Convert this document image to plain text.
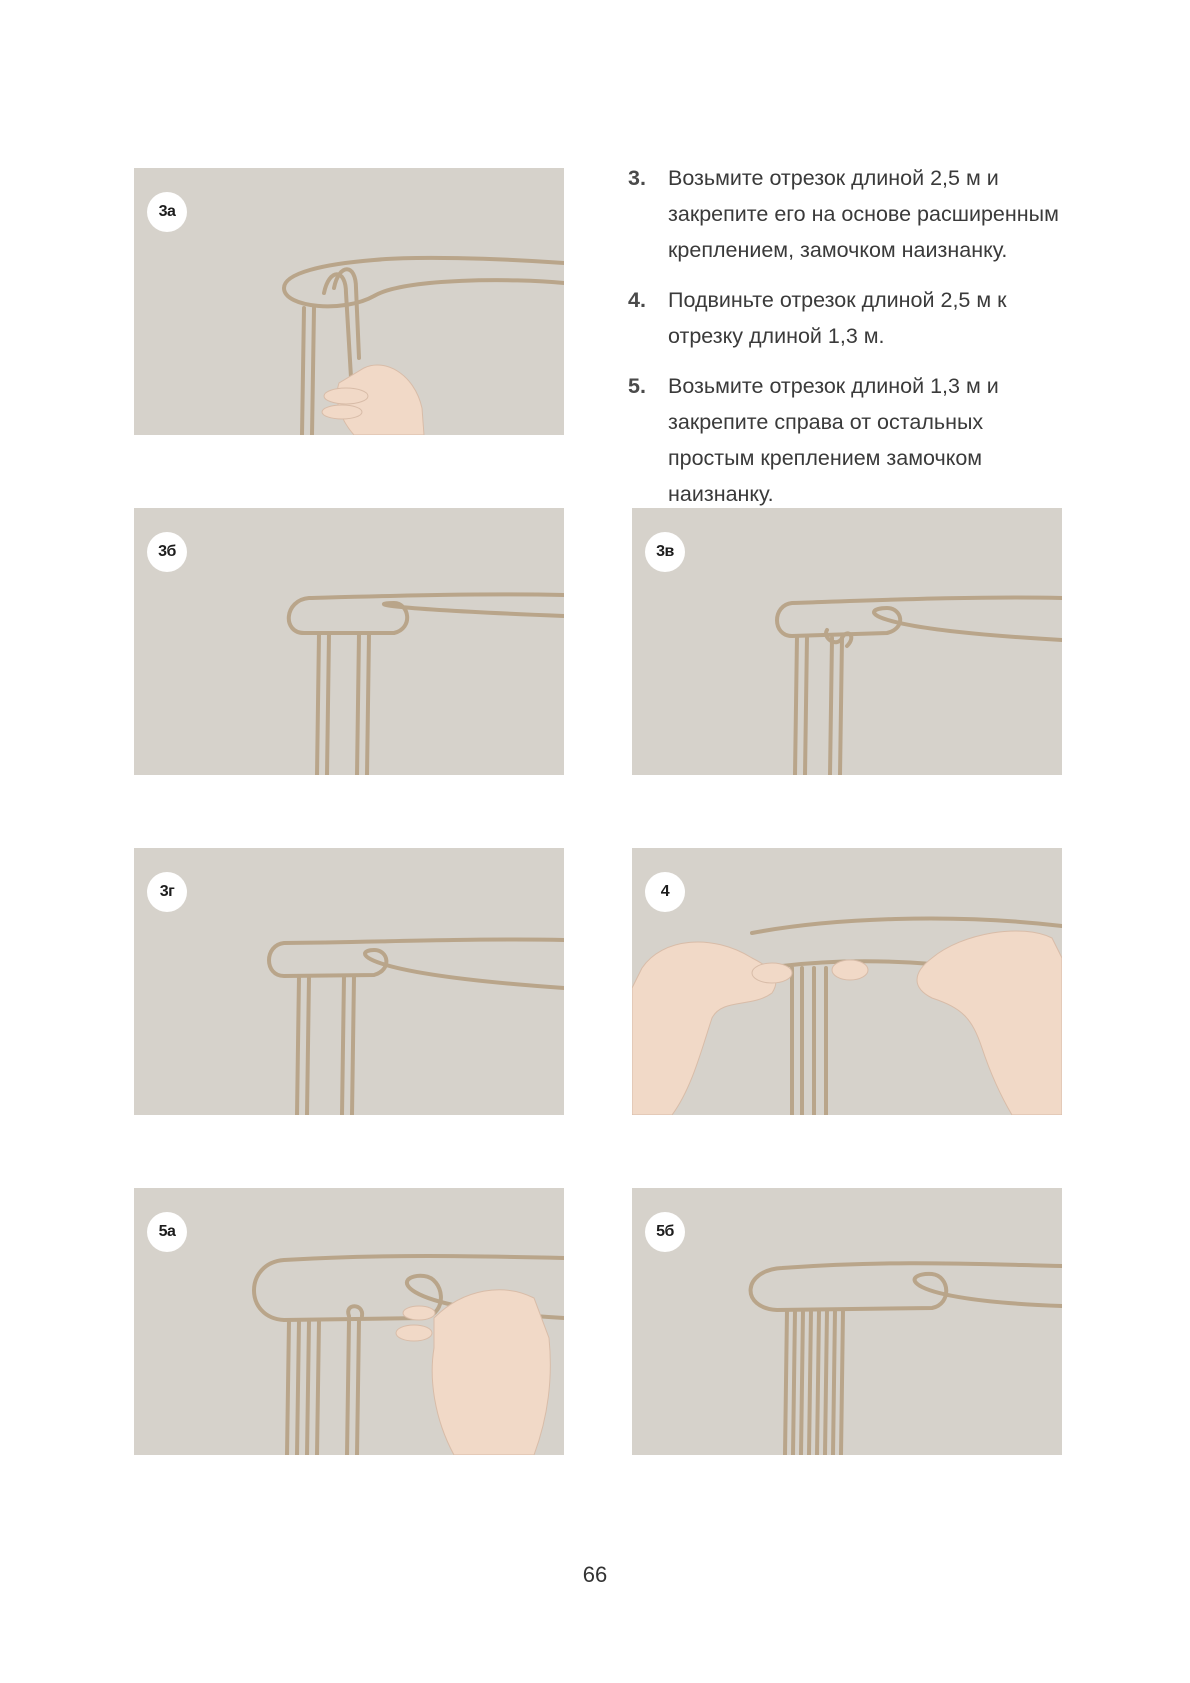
3. Возьмите отрезок длиной 2,5 м и закрепите его на основе расширенным креплением, замочком наизнанку.
4. Подвиньте отрезок длиной 2,5 м к отрезку длиной 1,3 м.
5. Возьмите отрезок длиной 1,3 м и закрепите справа от остальных простым креплением замочком наизнанку.
3а
3б	3в
3г	4
5а	5б
66
